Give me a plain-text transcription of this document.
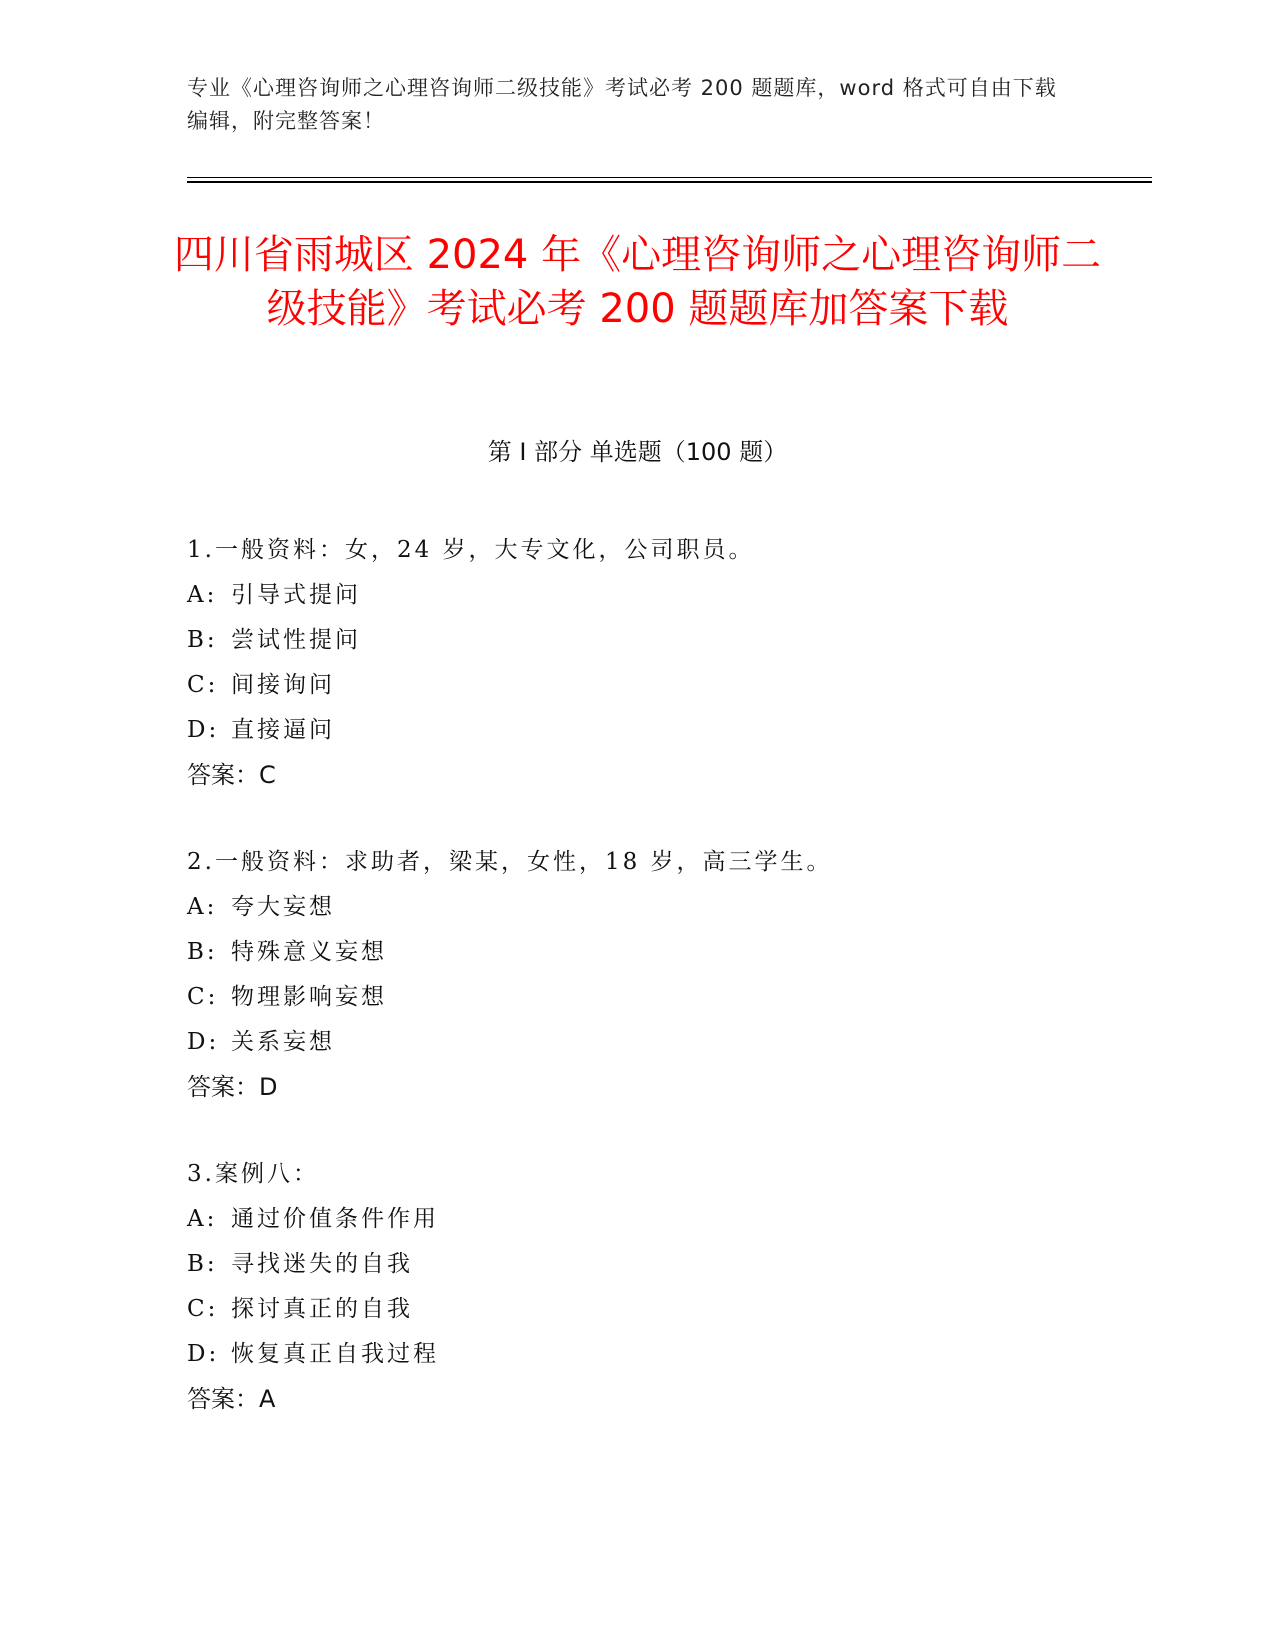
专业《心理咨询师之心理咨询师二级技能》考试必考 200 题题库，word 格式可自由下载编辑，附完整答案！
四川省雨城区 2024 年《心理咨询师之心理咨询师二级技能》考试必考 200 题题库加答案下载
第 I 部分 单选题（100 题）
1.一般资料：女，24 岁，大专文化，公司职员。
A: 引导式提问
B: 尝试性提问
C: 间接询问
D: 直接逼问
答案：C
2.一般资料：求助者，梁某，女性，18 岁，高三学生。
A: 夸大妄想
B: 特殊意义妄想
C: 物理影响妄想
D: 关系妄想
答案：D
3.案例八：
A: 通过价值条件作用
B: 寻找迷失的自我
C: 探讨真正的自我
D: 恢复真正自我过程
答案：A
